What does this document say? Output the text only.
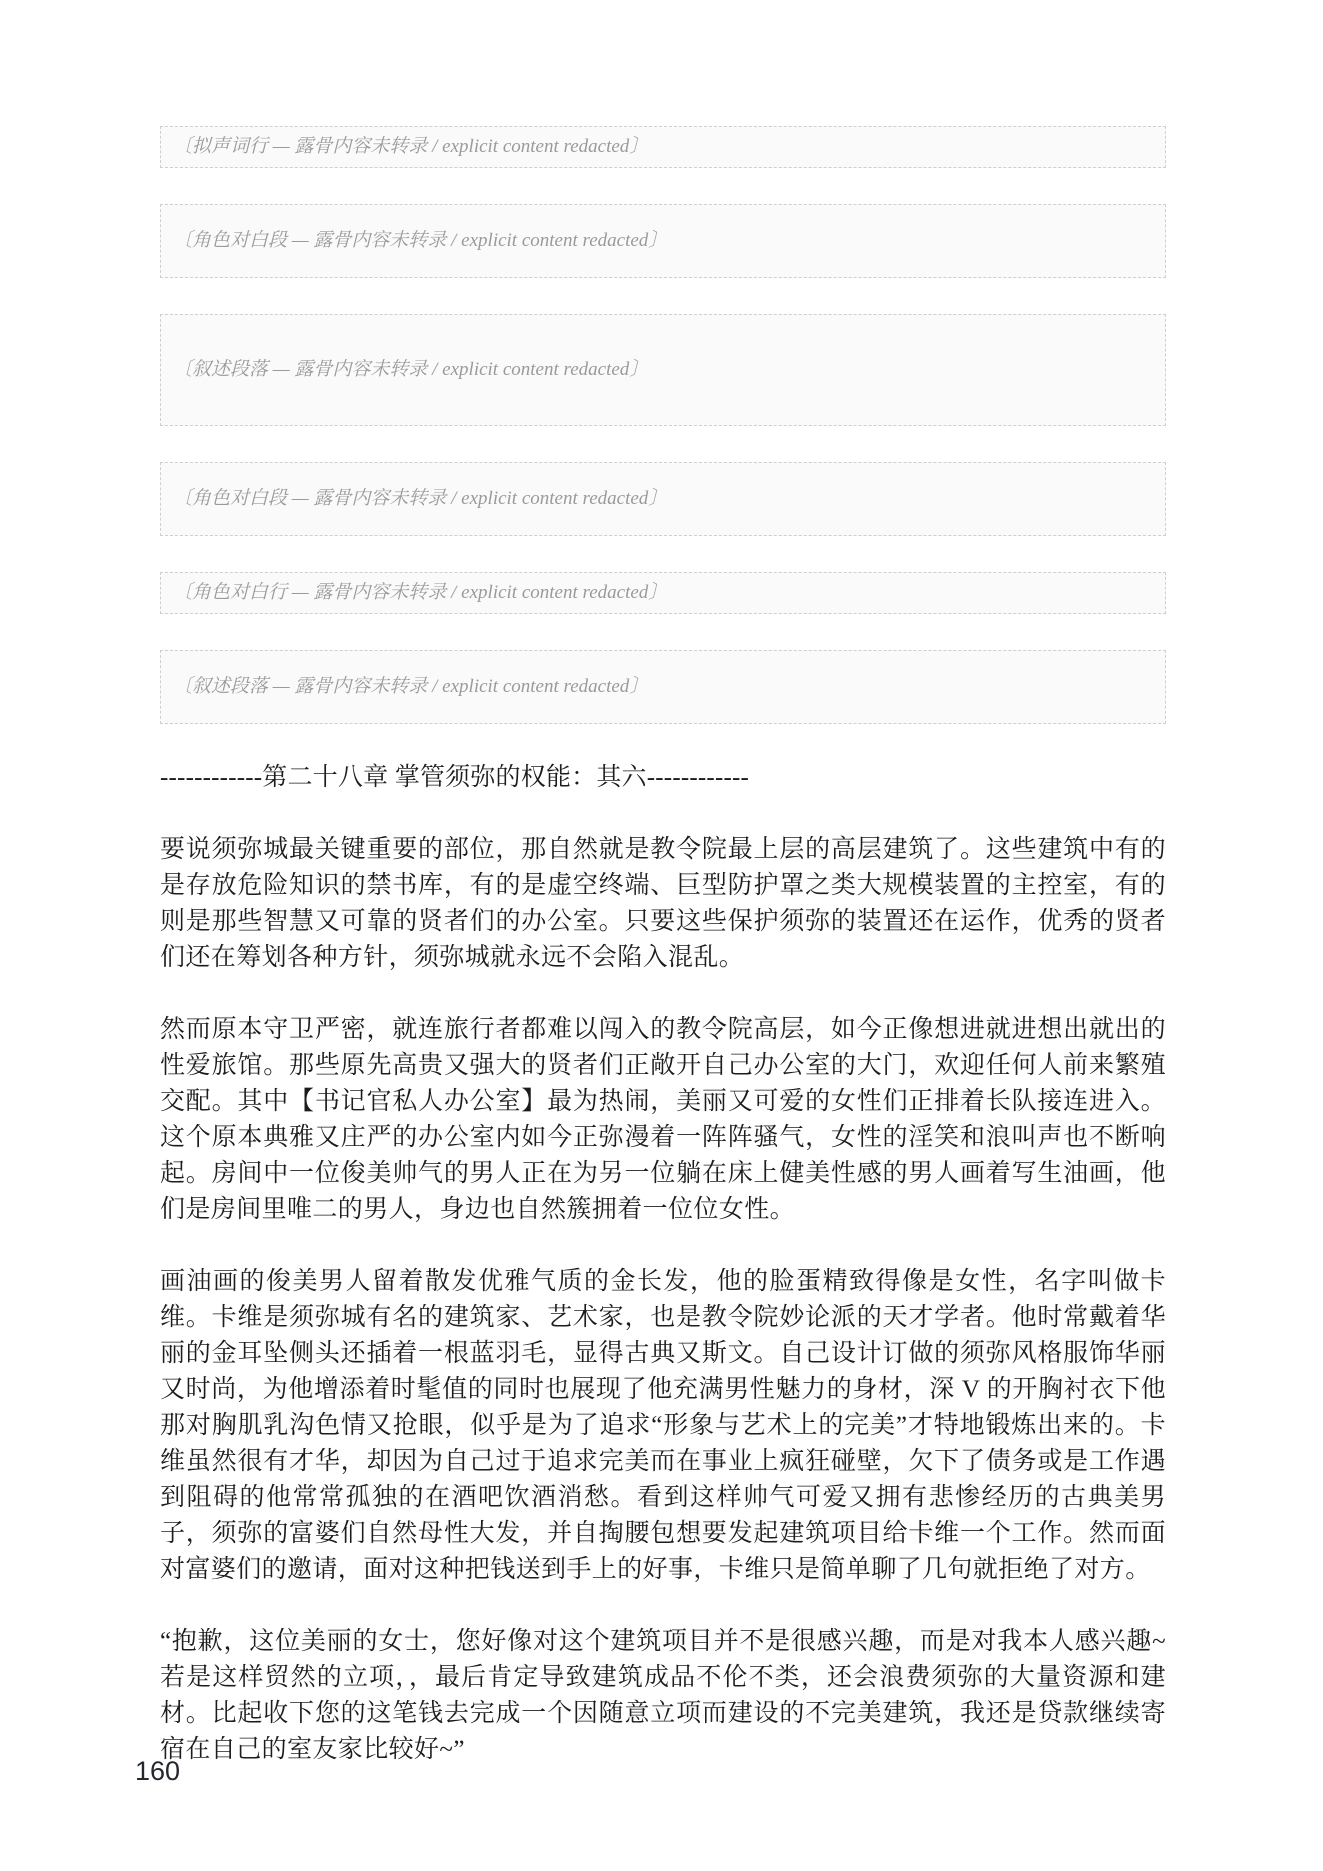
〔拟声词行 — 露骨内容未转录 / explicit content redacted〕

〔角色对白段 — 露骨内容未转录 / explicit content redacted〕

〔叙述段落 — 露骨内容未转录 / explicit content redacted〕

〔角色对白段 — 露骨内容未转录 / explicit content redacted〕

〔角色对白行 — 露骨内容未转录 / explicit content redacted〕

〔叙述段落 — 露骨内容未转录 / explicit content redacted〕

------------第二十八章 掌管须弥的权能：其六------------

要说须弥城最关键重要的部位，那自然就是教令院最上层的高层建筑了。这些建筑中有的是存放危险知识的禁书库，有的是虚空终端、巨型防护罩之类大规模装置的主控室，有的则是那些智慧又可靠的贤者们的办公室。只要这些保护须弥的装置还在运作，优秀的贤者们还在筹划各种方针，须弥城就永远不会陷入混乱。

然而原本守卫严密，就连旅行者都难以闯入的教令院高层，如今正像想进就进想出就出的性爱旅馆。那些原先高贵又强大的贤者们正敞开自己办公室的大门，欢迎任何人前来繁殖交配。其中【书记官私人办公室】最为热闹，美丽又可爱的女性们正排着长队接连进入。这个原本典雅又庄严的办公室内如今正弥漫着一阵阵骚气，女性的淫笑和浪叫声也不断响起。房间中一位俊美帅气的男人正在为另一位躺在床上健美性感的男人画着写生油画，他们是房间里唯二的男人，身边也自然簇拥着一位位女性。

画油画的俊美男人留着散发优雅气质的金长发，他的脸蛋精致得像是女性，名字叫做卡维。卡维是须弥城有名的建筑家、艺术家，也是教令院妙论派的天才学者。他时常戴着华丽的金耳坠侧头还插着一根蓝羽毛，显得古典又斯文。自己设计订做的须弥风格服饰华丽又时尚，为他增添着时髦值的同时也展现了他充满男性魅力的身材，深 V 的开胸衬衣下他那对胸肌乳沟色情又抢眼，似乎是为了追求“形象与艺术上的完美”才特地锻炼出来的。卡维虽然很有才华，却因为自己过于追求完美而在事业上疯狂碰壁，欠下了债务或是工作遇到阻碍的他常常孤独的在酒吧饮酒消愁。看到这样帅气可爱又拥有悲惨经历的古典美男子，须弥的富婆们自然母性大发，并自掏腰包想要发起建筑项目给卡维一个工作。然而面对富婆们的邀请，面对这种把钱送到手上的好事，卡维只是简单聊了几句就拒绝了对方。

“抱歉，这位美丽的女士，您好像对这个建筑项目并不是很感兴趣，而是对我本人感兴趣~若是这样贸然的立项，，最后肯定导致建筑成品不伦不类，还会浪费须弥的大量资源和建材。比起收下您的这笔钱去完成一个因随意立项而建设的不完美建筑，我还是贷款继续寄宿在自己的室友家比较好~”

160
